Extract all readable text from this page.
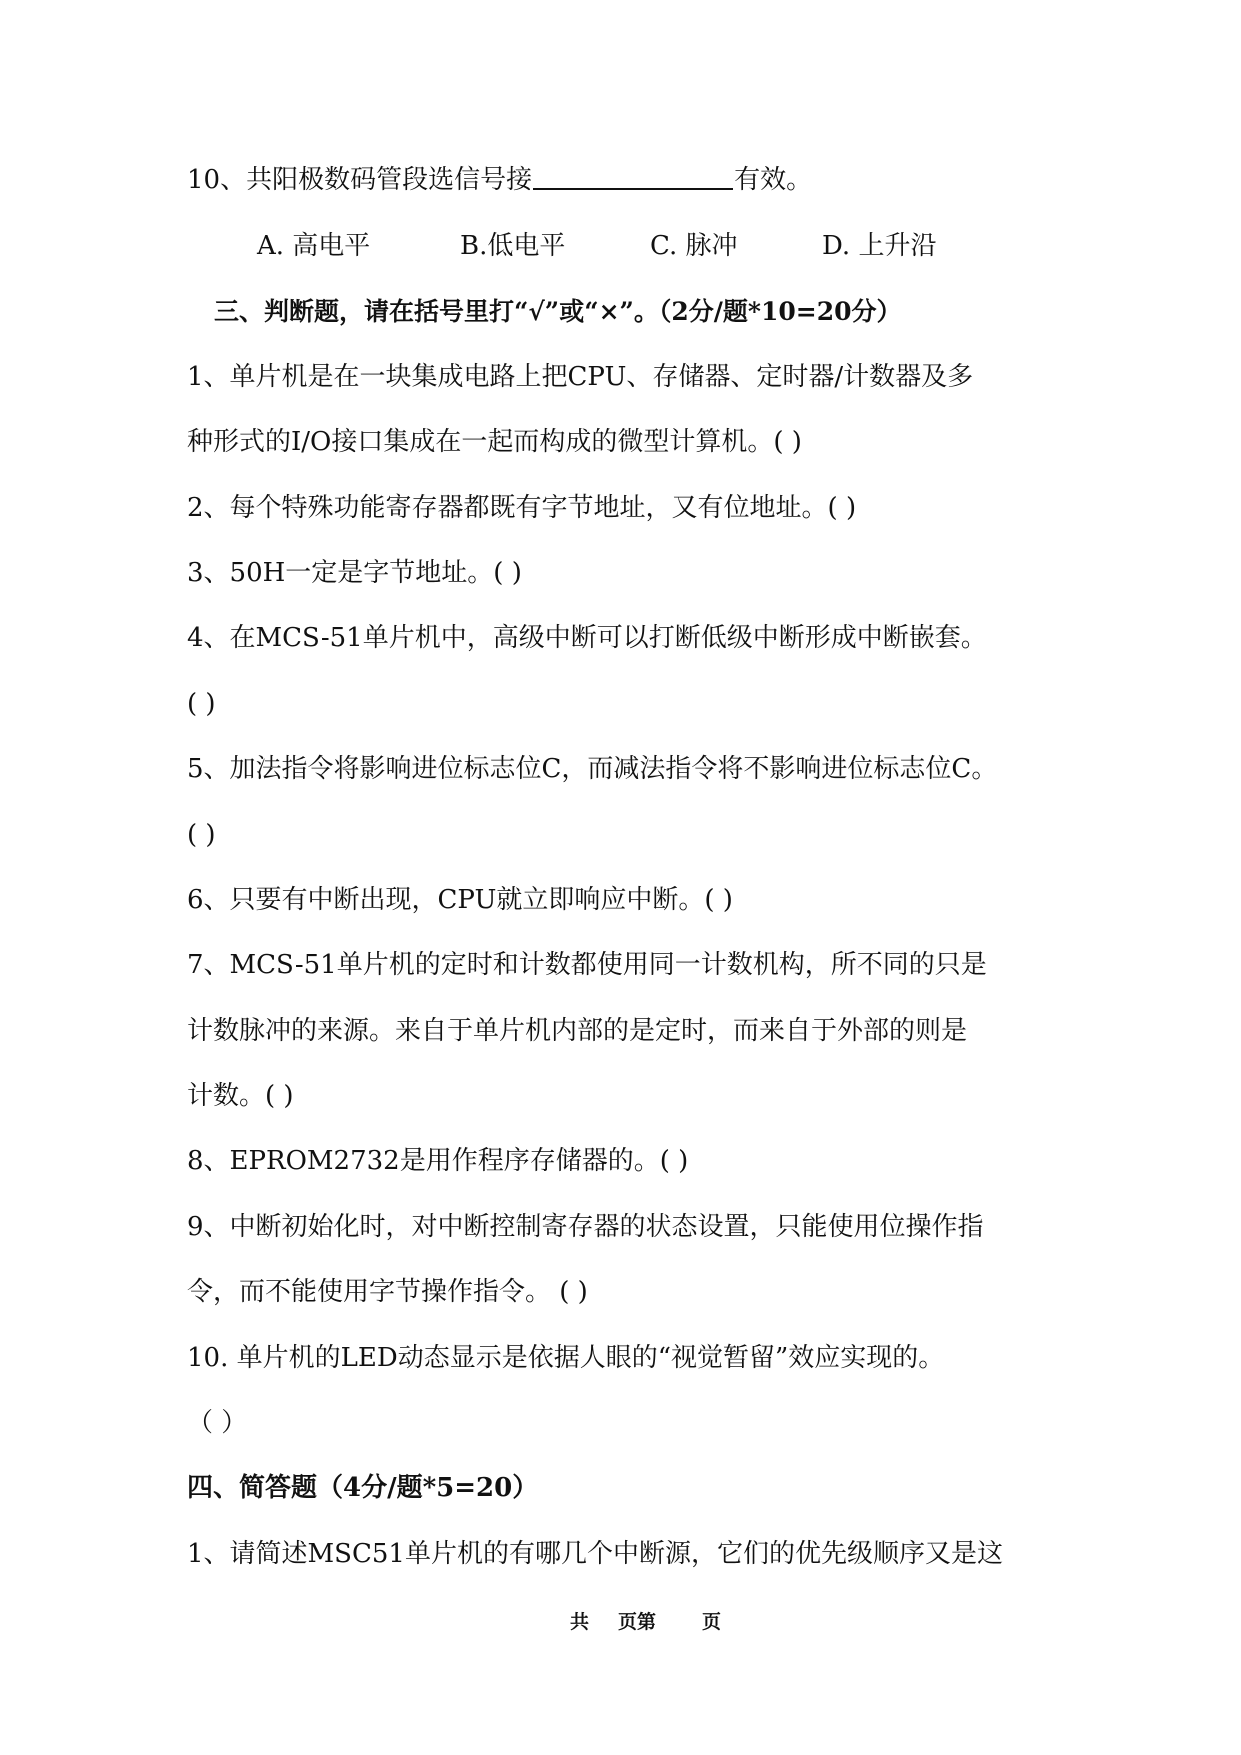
10、共阳极数码管段选信号接	有效。
A. 高电平	B.低电平	C. 脉冲	D. 上升沿
三、判断题，请在括号里打“√”或“×”。（2分/题*10=20分）
1、单片机是在一块集成电路上把CPU、存储器、定时器/计数器及多
种形式的I/O接口集成在一起而构成的微型计算机。( )
2、每个特殊功能寄存器都既有字节地址，又有位地址。( )
3、50H一定是字节地址。( )
4、在MCS-51单片机中，高级中断可以打断低级中断形成中断嵌套。
( )
5、加法指令将影响进位标志位C，而减法指令将不影响进位标志位C。
( )
6、只要有中断出现，CPU就立即响应中断。( )
7、MCS-51单片机的定时和计数都使用同一计数机构，所不同的只是
计数脉冲的来源。来自于单片机内部的是定时，而来自于外部的则是
计数。( )
8、EPROM2732是用作程序存储器的。( )
9、中断初始化时，对中断控制寄存器的状态设置，只能使用位操作指
令，而不能使用字节操作指令。 ( )
10. 单片机的LED动态显示是依据人眼的“视觉暂留”效应实现的。
（ ）
四、简答题（4分/题*5=20）
1、请简述MSC51单片机的有哪几个中断源，它们的优先级顺序又是这
共 页第 页
